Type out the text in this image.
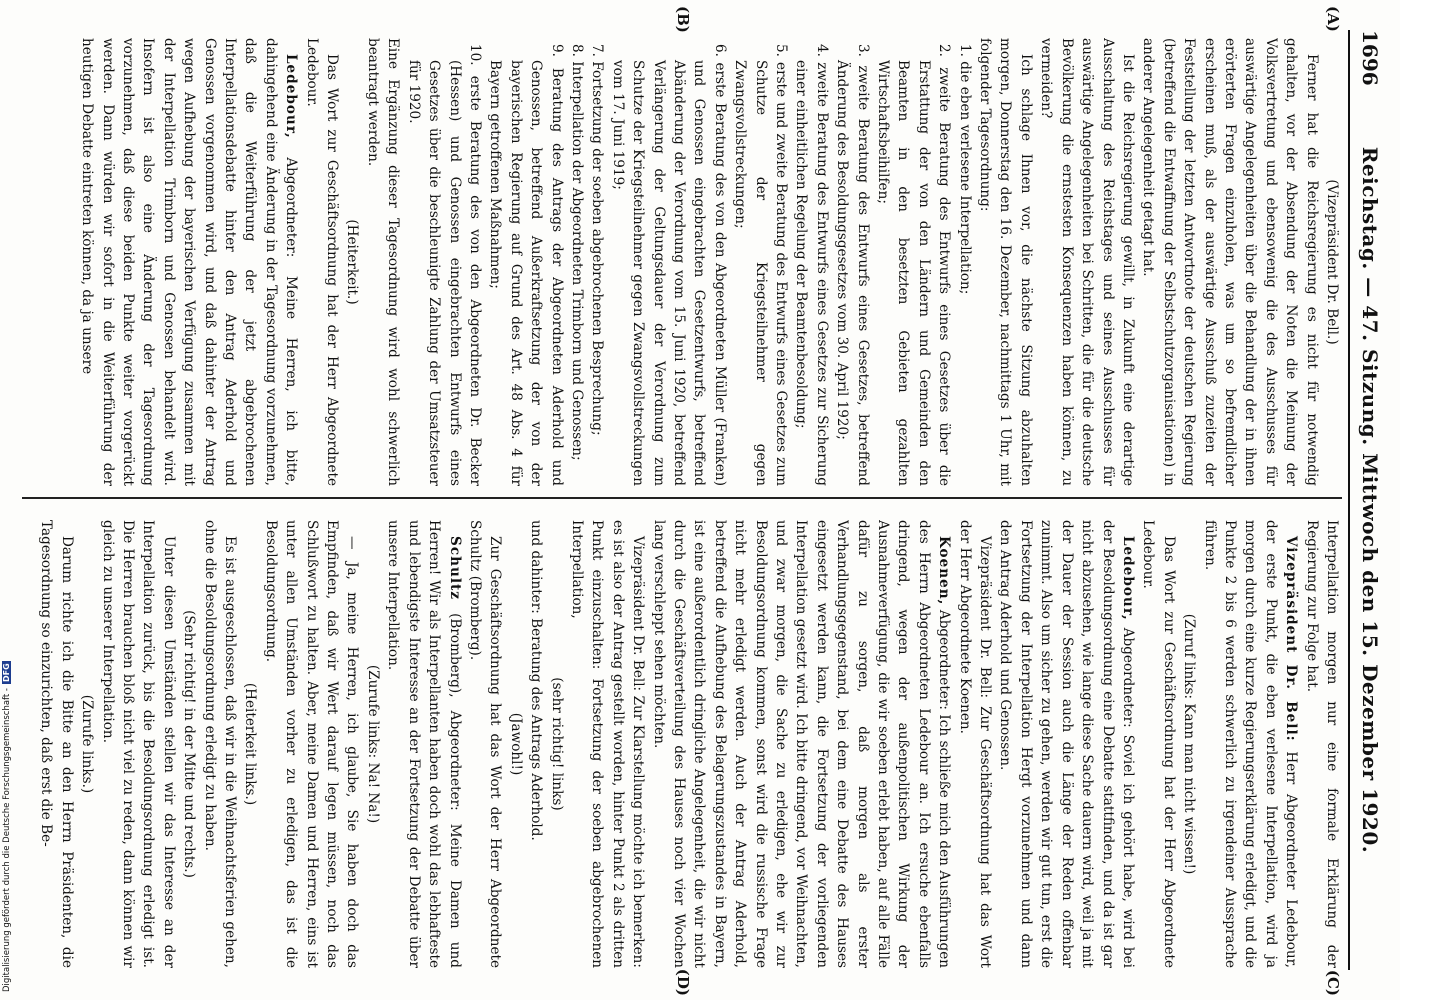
1696
Reichstag. — 47. Sitzung. Mittwoch den 15. Dezember 1920.
(A)
(B)
(C)
(D)

(Vizepräsident Dr. Bell.)

Ferner hat die Reichsregierung es nicht für notwendig gehalten, vor der Absendung der Noten die Meinung der Volksvertretung und ebensowenig die des Ausschusses für auswärtige Angelegenheiten über die Behandlung der in ihnen erörterten Fragen einzuholen, was um so befremdlicher erscheinen muß, als der auswärtige Ausschuß zuzeiten der Feststellung der letzten Antwortnote der deutschen Regierung (betreffend die Entwaffnung der Selbstschutzorganisationen) in anderer Angelegenheit getagt hat.

Ist die Reichsregierung gewillt, in Zukunft eine derartige Ausschaltung des Reichstages und seines Ausschusses für auswärtige Angelegenheiten bei Schritten, die für die deutsche Bevölkerung die ernstesten Konsequenzen haben können, zu vermeiden?

Ich schlage Ihnen vor, die nächste Sitzung abzuhalten morgen, Donnerstag den 16. Dezember, nachmittags 1 Uhr, mit folgender Tagesordnung:

1. die eben verlesene Interpellation;

2. zweite Beratung des Entwurfs eines Gesetzes über die Erstattung der von den Ländern und Gemeinden den Beamten in den besetzten Gebieten gezahlten Wirtschaftsbeihilfen;

3. zweite Beratung des Entwurfs eines Gesetzes, betreffend Änderung des Besoldungsgesetzes vom 30. April 1920;

4. zweite Beratung des Entwurfs eines Gesetzes zur Sicherung einer einheitlichen Regelung der Beamtenbesoldung;

5. erste und zweite Beratung des Entwurfs eines Gesetzes zum Schutze der Kriegsteilnehmer gegen Zwangsvollstreckungen;

6. erste Beratung des von den Abgeordneten Müller (Franken) und Genossen eingebrachten Gesetzentwurfs, betreffend Abänderung der Verordnung vom 15. Juni 1920, betreffend Verlängerung der Geltungsdauer der Verordnung zum Schutze der Kriegsteilnehmer gegen Zwangsvollstreckungen vom 17. Juni 1919;

7. Fortsetzung der soeben abgebrochenen Besprechung;

8. Interpellation der Abgeordneten Trimborn und Genossen;

9. Beratung des Antrags der Abgeordneten Aderhold und Genossen, betreffend Außerkraftsetzung der von der bayerischen Regierung auf Grund des Art. 48 Abs. 4 für Bayern getroffenen Maßnahmen;

10. erste Beratung des von den Abgeordneten Dr. Becker (Hessen) und Genossen eingebrachten Entwurfs eines Gesetzes über die beschleunigte Zahlung der Umsatzsteuer für 1920.

Eine Ergänzung dieser Tagesordnung wird wohl schwerlich beantragt werden.

(Heiterkeit.)

Das Wort zur Geschäftsordnung hat der Herr Abgeordnete Ledebour.

Ledebour, Abgeordneter: Meine Herren, ich bitte, dahingehend eine Änderung in der Tagesordnung vorzunehmen, daß die Weiterführung der jetzt abgebrochenen Interpellationsdebatte hinter den Antrag Aderhold und Genossen vorgenommen wird, und daß dahinter der Antrag wegen Aufhebung der bayerischen Verfügung zusammen mit der Interpellation Trimborn und Genossen behandelt wird. Insofern ist also eine Änderung der Tagesordnung vorzunehmen, daß diese beiden Punkte weiter vorgerückt werden. Dann würden wir sofort in die Weiterführung der heutigen Debatte eintreten können, da ja unsere

Interpellation morgen nur eine formale Erklärung der Regierung zur Folge hat.

Vizepräsident Dr. Bell: Herr Abgeordneter Ledebour, der erste Punkt, die eben verlesene Interpellation, wird ja morgen durch eine kurze Regierungserklärung erledigt, und die Punkte 2 bis 6 werden schwerlich zu irgendeiner Aussprache führen.

(Zuruf links: Kann man nicht wissen!)

Das Wort zur Geschäftsordnung hat der Herr Abgeordnete Ledebour.

Ledebour, Abgeordneter: Soviel ich gehört habe, wird bei der Besoldungsordnung eine Debatte stattfinden, und da ist gar nicht abzusehen, wie lange diese Sache dauern wird, weil ja mit der Dauer der Session auch die Länge der Reden offenbar zunimmt. Also um sicher zu gehen, werden wir gut tun, erst die Fortsetzung der Interpellation Hergt vorzunehmen und dann den Antrag Aderhold und Genossen.

Vizepräsident Dr. Bell: Zur Geschäftsordnung hat das Wort der Herr Abgeordnete Koenen.

Koenen, Abgeordneter: Ich schließe mich den Ausführungen des Herrn Abgeordneten Ledebour an. Ich ersuche ebenfalls dringend, wegen der außenpolitischen Wirkung der Ausnahmeverfügung, die wir soeben erlebt haben, auf alle Fälle dafür zu sorgen, daß morgen als erster Verhandlungsgegenstand, bei dem eine Debatte des Hauses eingesetzt werden kann, die Fortsetzung der vorliegenden Interpellation gesetzt wird. Ich bitte dringend, vor Weihnachten, und zwar morgen, die Sache zu erledigen, ehe wir zur Besoldungsordnung kommen, sonst wird die russische Frage nicht mehr erledigt werden. Auch der Antrag Aderhold, betreffend die Aufhebung des Belagerungszustandes in Bayern, ist eine außerordentlich dringliche Angelegenheit, die wir nicht durch die Geschäftsverteilung des Hauses noch vier Wochen lang verschleppt sehen möchten.

Vizepräsident Dr. Bell: Zur Klarstellung möchte ich bemerken: es ist also der Antrag gestellt worden, hinter Punkt 2 als dritten Punkt einzuschalten: Fortsetzung der soeben abgebrochenen Interpellation,

(sehr richtig! links)

und dahinter: Beratung des Antrags Aderhold.

(Jawohl!)

Zur Geschäftsordnung hat das Wort der Herr Abgeordnete Schultz (Bromberg).

Schultz (Bromberg), Abgeordneter: Meine Damen und Herren! Wir als Interpellanten haben doch wohl das lebhafteste und lebendigste Interesse an der Fortsetzung der Debatte über unsere Interpellation.

(Zurufe links: Na! Na!)

— Ja, meine Herren, ich glaube, Sie haben doch das Empfinden, daß wir Wert darauf legen müssen, noch das Schlußwort zu halten. Aber, meine Damen und Herren, eins ist unter allen Umständen vorher zu erledigen, das ist die Besoldungsordnung.

(Heiterkeit links.)

Es ist ausgeschlossen, daß wir in die Weihnachtsferien gehen, ohne die Besoldungsordnung erledigt zu haben.

(Sehr richtig! in der Mitte und rechts.)

Unter diesen Umständen stellen wir das Interesse an der Interpellation zurück, bis die Besoldungsordnung erledigt ist. Die Herren brauchen bloß nicht viel zu reden, dann können wir gleich zu unserer Interpellation.

(Zurufe links.)

Darum richte ich die Bitte an den Herrn Präsidenten, die Tagesordnung so einzurichten, daß erst die Be-

Digitalisierung gefördert durch die Deutsche Forschungsgemeinschaft -DFG
